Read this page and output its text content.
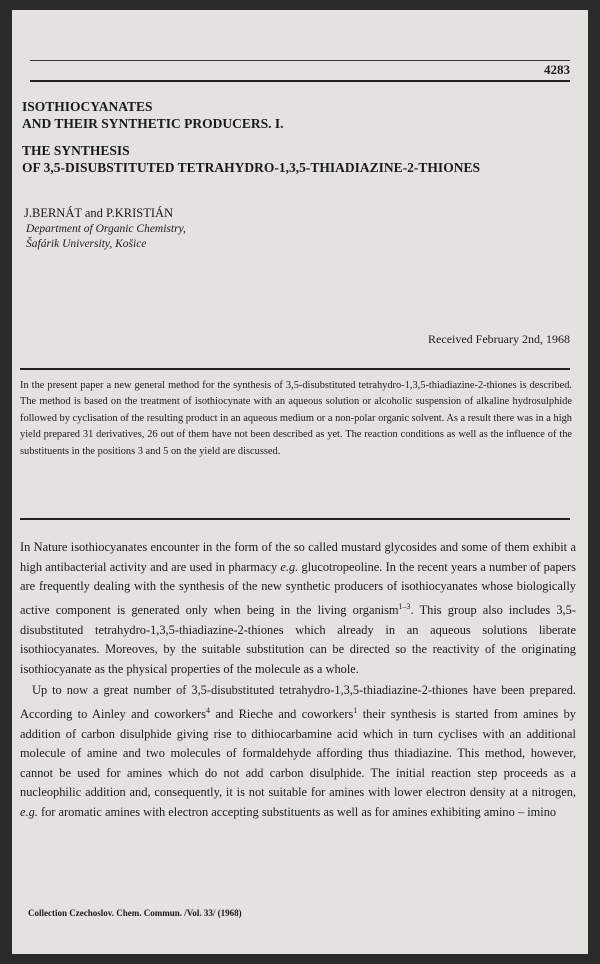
4283
ISOTHIOCYANATES
AND THEIR SYNTHETIC PRODUCERS. I.
THE SYNTHESIS
OF 3,5-DISUBSTITUTED TETRAHYDRO-1,3,5-THIADIAZINE-2-THIONES
J.BERNÁT and P.KRISTIÁN
Department of Organic Chemistry,
Šafárik University, Košice
Received February 2nd, 1968
In the present paper a new general method for the synthesis of 3,5-disubstituted tetrahydro-1,3,5-thiadiazine-2-thiones is described. The method is based on the treatment of isothiocynate with an aqueous solution or alcoholic suspension of alkaline hydrosulphide followed by cyclisation of the resulting product in an aqueous medium or a non-polar organic solvent. As a result there was in a high yield prepared 31 derivatives, 26 out of them have not been described as yet. The reaction conditions as well as the influence of the substituents in the positions 3 and 5 on the yield are discussed.

In Nature isothiocyanates encounter in the form of the so called mustard glycosides and some of them exhibit a high antibacterial activity and are used in pharmacy e.g. glucotropeoline. In the recent years a number of papers are frequently dealing with the synthesis of the new synthetic producers of isothiocyanates whose biologically active component is generated only when being in the living organism$^{1-3}$. This group also includes 3,5-disubstituted tetrahydro-1,3,5-thiadiazine-2-thiones which already in an aqueous solutions liberate isothiocyanates. Moreoves, by the suitable substitution can be directed so the reactivity of the originating isothiocyanate as the physical properties of the molecule as a whole.

Up to now a great number of 3,5-disubstituted tetrahydro-1,3,5-thiadiazine-2-thiones have been prepared. According to Ainley and coworkers$^4$ and Rieche and coworkers$^1$ their synthesis is started from amines by addition of carbon disulphide giving rise to dithiocarbamine acid which in turn cyclises with an additional molecule of amine and two molecules of formaldehyde affording thus thiadiazine. This method, however, cannot be used for amines which do not add carbon disulphide. The initial reaction step proceeds as a nucleophilic addition and, consequently, it is not suitable for amines with lower electron density at a nitrogen, e.g. for aromatic amines with electron accepting substituents as well as for amines exhibiting amino – imino

Collection Czechoslov. Chem. Commun. /Vol. 33/ (1968)
